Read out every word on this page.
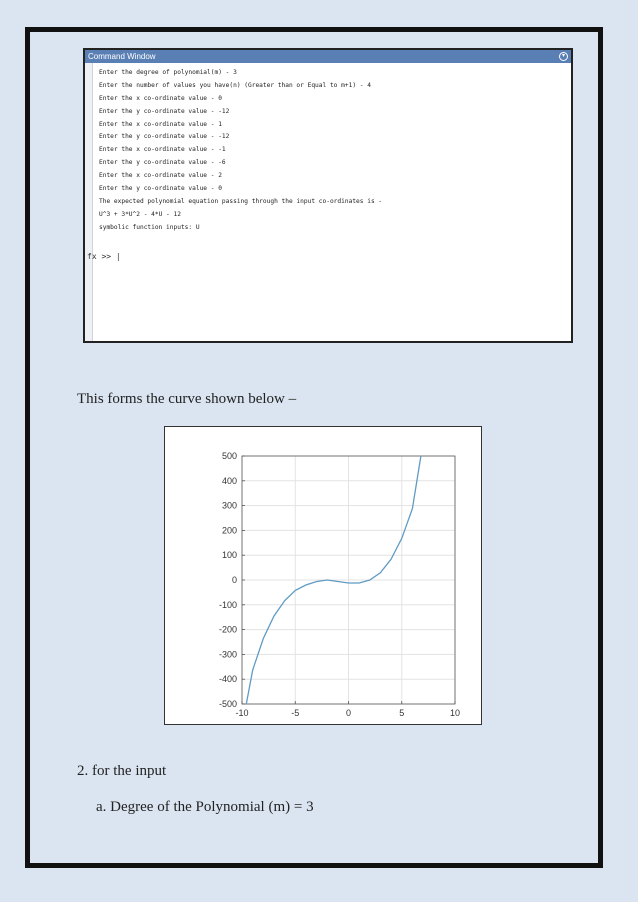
Command Window	▾
Enter the degree of polynomial(m) - 3
Enter the number of values you have(n) (Greater than or Equal to m+1) - 4
Enter the x co-ordinate value - 0
Enter the y co-ordinate value - -12
Enter the x co-ordinate value - 1
Enter the y co-ordinate value - -12
Enter the x co-ordinate value - -1
Enter the y co-ordinate value - -6
Enter the x co-ordinate value - 2
Enter the y co-ordinate value - 0
The expected polynomial equation passing through the input co-ordinates is -
U^3 + 3*U^2 - 4*U - 12
symbolic function inputs: U
fx >> |
This forms the curve shown below –
-10	-5	0	5	10
500
400
300
200
100
0
-100
-200
-300
-400
-500
2. for the input
a. Degree of the Polynomial (m) = 3
